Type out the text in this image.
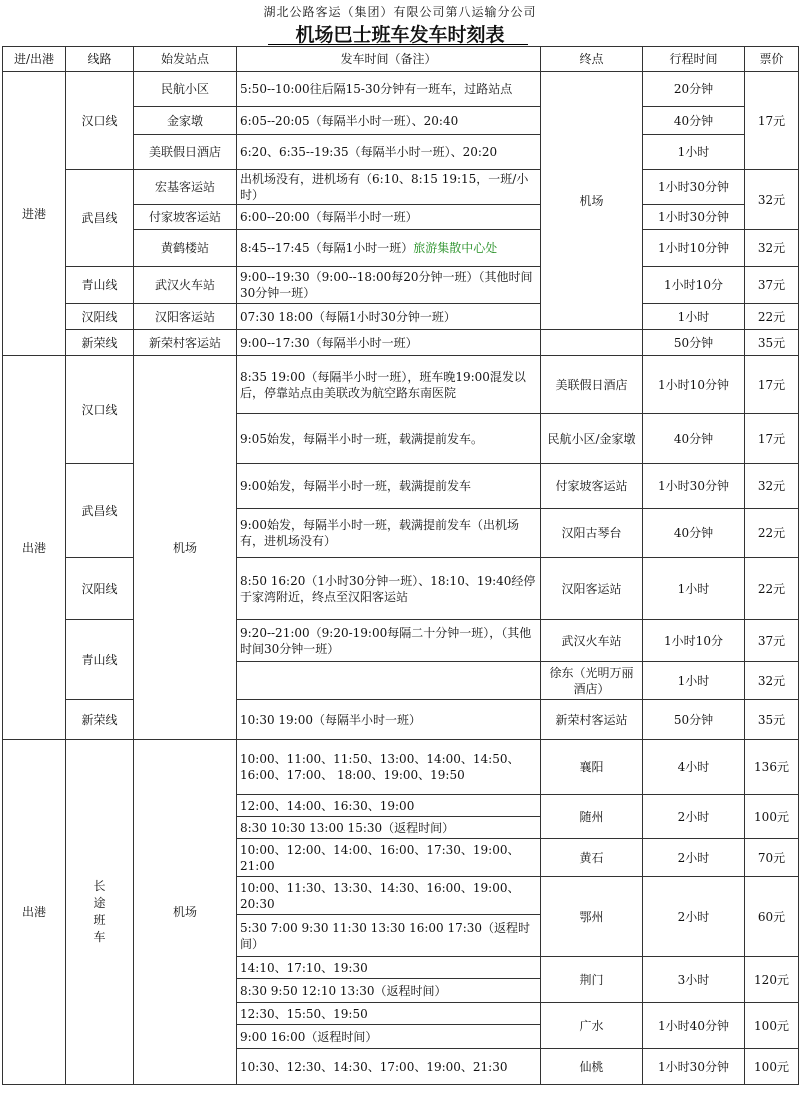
湖北公路客运（集团）有限公司第八运输分公司
机场巴士班车发车时刻表
进/出港	线路	始发站点	发车时间（备注）	终点	行程时间	票价
进港	汉口线	民航小区	5:50--10:00往后隔15-30分钟有一班车，过路站点	机场	20分钟	17元
		金家墩	6:05--20:05（每隔半小时一班）、20:40		40分钟	
		美联假日酒店	6:20、6:35--19:35（每隔半小时一班）、20:20		1小时	
	武昌线	宏基客运站	出机场没有，进机场有（6:10、8:15 19:15，一班/小时）		1小时30分钟	32元
		付家坡客运站	6:00--20:00（每隔半小时一班）		1小时30分钟	
		黄鹤楼站	8:45--17:45（每隔1小时一班）旅游集散中心处		1小时10分钟	32元
	青山线	武汉火车站	9:00--19:30（9:00--18:00每20分钟一班）（其他时间30分钟一班）		1小时10分	37元
	汉阳线	汉阳客运站	07:30 18:00（每隔1小时30分钟一班）		1小时	22元
	新荣线	新荣村客运站	9:00--17:30（每隔半小时一班）		50分钟	35元
出港	汉口线	机场	8:35 19:00（每隔半小时一班），班车晚19:00混发以后，停靠站点由美联改为航空路东南医院	美联假日酒店	1小时10分钟	17元
			9:05始发，每隔半小时一班，载满提前发车。	民航小区/金家墩	40分钟	17元
	武昌线		9:00始发，每隔半小时一班，载满提前发车	付家坡客运站	1小时30分钟	32元
			9:00始发，每隔半小时一班，载满提前发车（出机场有，进机场没有）	汉阳古琴台	40分钟	22元
	汉阳线		8:50 16:20（1小时30分钟一班）、18:10、19:40经停于家湾附近，终点至汉阳客运站	汉阳客运站	1小时	22元
	青山线		9:20--21:00（9:20-19:00每隔二十分钟一班），（其他时间30分钟一班）	武汉火车站	1小时10分	37元
				徐东（光明万丽酒店）	1小时	32元
	新荣线		10:30 19:00（每隔半小时一班）	新荣村客运站	50分钟	35元
出港	长途班车	机场	10:00、11:00、11:50、13:00、14:00、14:50、16:00、17:00、 18:00、19:00、19:50	襄阳	4小时	136元
			12:00、14:00、16:30、19:00	随州	2小时	100元
			8:30 10:30 13:00 15:30（返程时间）			
			10:00、12:00、14:00、16:00、17:30、19:00、21:00	黄石	2小时	70元
			10:00、11:30、13:30、14:30、16:00、19:00、20:30	鄂州	2小时	60元
			5:30 7:00 9:30 11:30 13:30 16:00 17:30（返程时间）			
			14:10、17:10、19:30	荆门	3小时	120元
			8:30 9:50 12:10 13:30（返程时间）			
			12:30、15:50、19:50	广水	1小时40分钟	100元
			9:00 16:00（返程时间）			
			10:30、12:30、14:30、17:00、19:00、21:30	仙桃	1小时30分钟	100元
